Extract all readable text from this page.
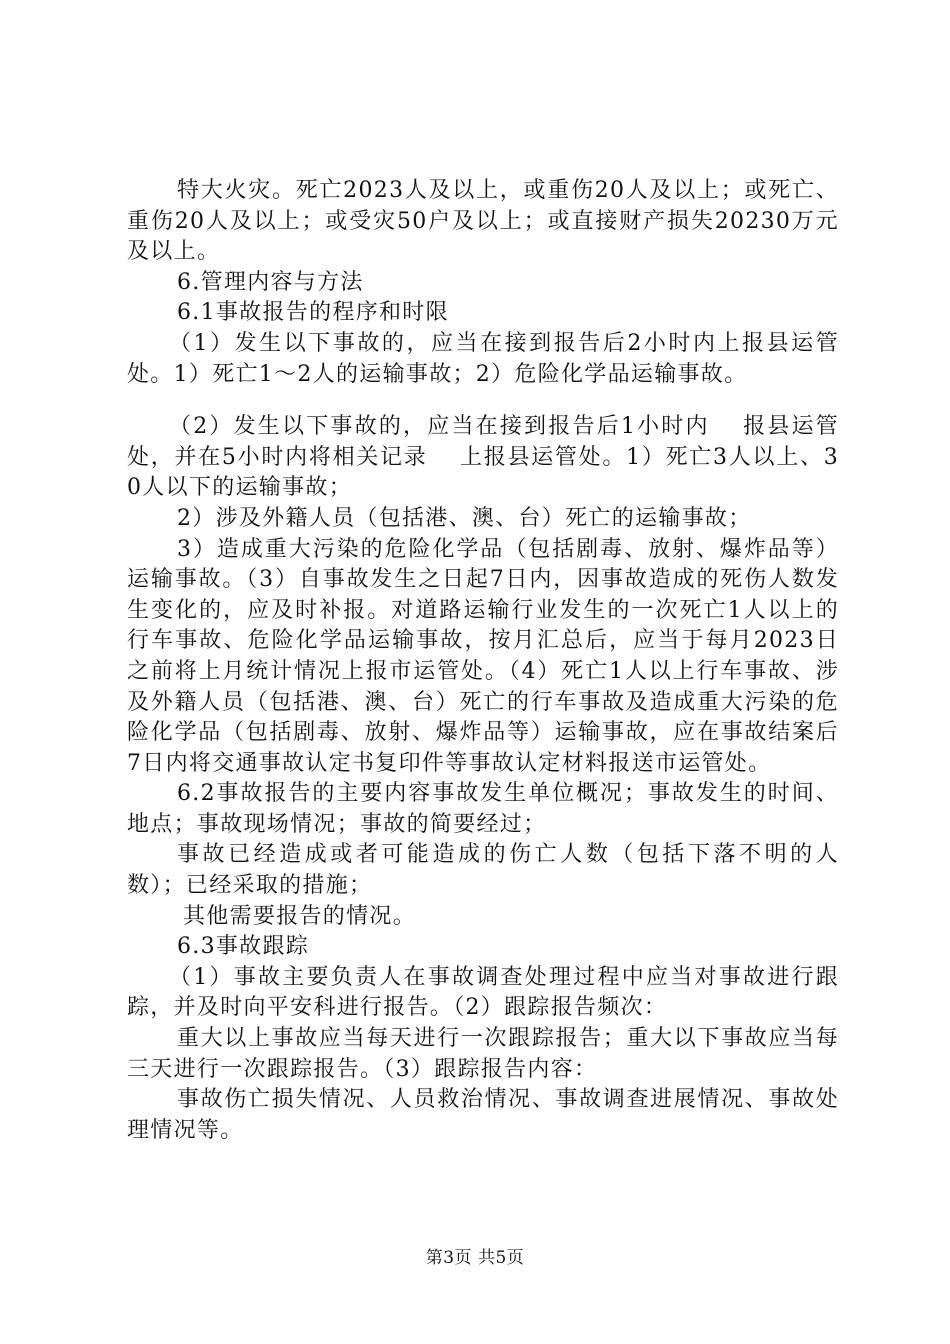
特大火灾。死亡2023人及以上，或重伤20人及以上；或死亡、重伤20人及以上；或受灾50户及以上；或直接财产损失20230万元及以上。

6.管理内容与方法

6.1事故报告的程序和时限

（1）发生以下事故的，应当在接到报告后2小时内上报县运管处。1）死亡1～2人的运输事故；2）危险化学品运输事故。

（2）发生以下事故的，应当在接到报告后1小时内　 报县运管处，并在5小时内将相关记录　 上报县运管处。1）死亡3人以上、30人以下的运输事故；

2）涉及外籍人员（包括港、澳、台）死亡的运输事故；

3）造成重大污染的危险化学品（包括剧毒、放射、爆炸品等）运输事故。（3）自事故发生之日起7日内，因事故造成的死伤人数发生变化的，应及时补报。对道路运输行业发生的一次死亡1人以上的行车事故、危险化学品运输事故，按月汇总后，应当于每月2023日之前将上月统计情况上报市运管处。（4）死亡1人以上行车事故、涉及外籍人员（包括港、澳、台）死亡的行车事故及造成重大污染的危险化学品（包括剧毒、放射、爆炸品等）运输事故，应在事故结案后7日内将交通事故认定书复印件等事故认定材料报送市运管处。

6.2事故报告的主要内容事故发生单位概况；事故发生的时间、地点；事故现场情况；事故的简要经过；

事故已经造成或者可能造成的伤亡人数（包括下落不明的人数）；已经采取的措施；

其他需要报告的情况。

6.3事故跟踪

（1）事故主要负责人在事故调查处理过程中应当对事故进行跟踪，并及时向平安科进行报告。（2）跟踪报告频次：

重大以上事故应当每天进行一次跟踪报告；重大以下事故应当每三天进行一次跟踪报告。（3）跟踪报告内容：

事故伤亡损失情况、人员救治情况、事故调查进展情况、事故处理情况等。

第3页 共5页
